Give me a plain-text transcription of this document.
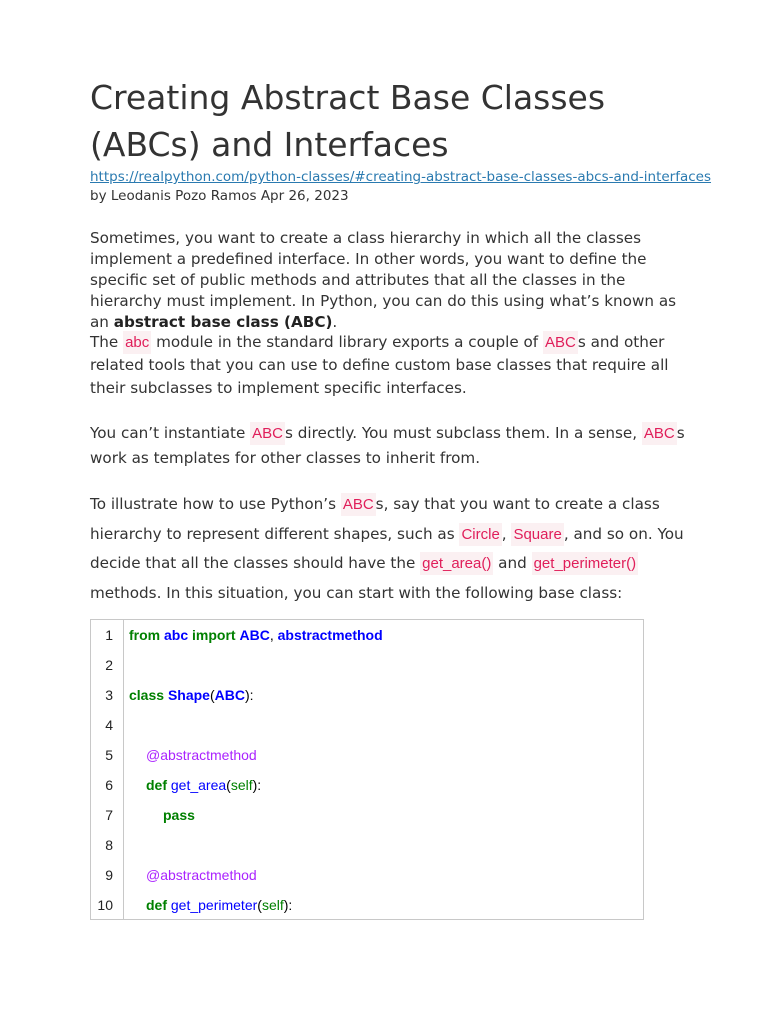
Creating Abstract Base Classes (ABCs) and Interfaces
https://realpython.com/python-classes/#creating-abstract-base-classes-abcs-and-interfaces
by Leodanis Pozo Ramos Apr 26, 2023

Sometimes, you want to create a class hierarchy in which all the classes implement a predefined interface. In other words, you want to define the specific set of public methods and attributes that all the classes in the hierarchy must implement. In Python, you can do this using what’s known as an abstract base class (ABC).

The abc module in the standard library exports a couple of ABC s and other related tools that you can use to define custom base classes that require all their subclasses to implement specific interfaces.

You can’t instantiate ABC s directly. You must subclass them. In a sense, ABC s work as templates for other classes to inherit from.

To illustrate how to use Python’s ABC s, say that you want to create a class hierarchy to represent different shapes, such as Circle , Square , and so on. You decide that all the classes should have the get_area() and get_perimeter() methods. In this situation, you can start with the following base class:

1
2
3
4
5
6
7
8
9
10
from abc import ABC, abstractmethod
class Shape(ABC):
@abstractmethod
def get_area(self):
pass
@abstractmethod
def get_perimeter(self):
